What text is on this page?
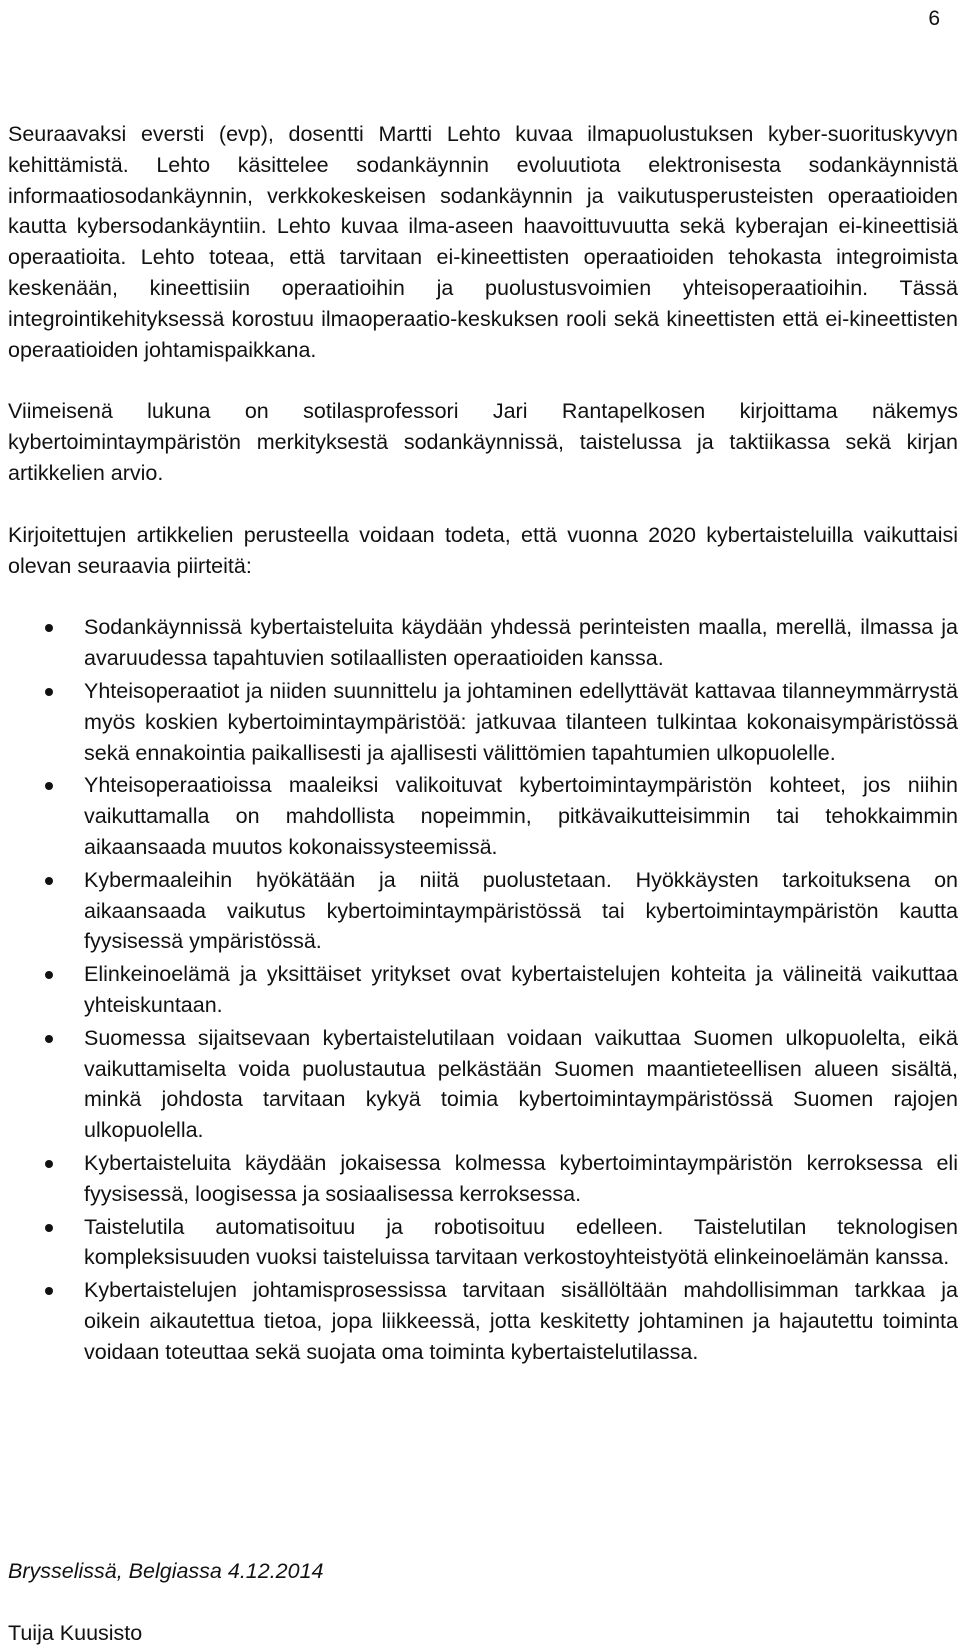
6

Seuraavaksi eversti (evp), dosentti Martti Lehto kuvaa ilmapuolustuksen kyber-suorituskyvyn kehittämistä. Lehto käsittelee sodankäynnin evoluutiota elektronisesta sodankäynnistä informaatiosodankäynnin, verkkokeskeisen sodankäynnin ja vaikutusperusteisten operaatioiden kautta kybersodankäyntiin. Lehto kuvaa ilma-aseen haavoittuvuutta sekä kyberajan ei-kineettisiä operaatioita. Lehto toteaa, että tarvitaan ei-kineettisten operaatioiden tehokasta integroimista keskenään, kineettisiin operaatioihin ja puolustusvoimien yhteisoperaatioihin. Tässä integrointikehityksessä korostuu ilmaoperaatio-keskuksen rooli sekä kineettisten että ei-kineettisten operaatioiden johtamispaikkana.

Viimeisenä lukuna on sotilasprofessori Jari Rantapelkosen kirjoittama näkemys kybertoimintaympäristön merkityksestä sodankäynnissä, taistelussa ja taktiikassa sekä kirjan artikkelien arvio.

Kirjoitettujen artikkelien perusteella voidaan todeta, että vuonna 2020 kybertaisteluilla vaikuttaisi olevan seuraavia piirteitä:

Sodankäynnissä kybertaisteluita käydään yhdessä perinteisten maalla, merellä, ilmassa ja avaruudessa tapahtuvien sotilaallisten operaatioiden kanssa.
Yhteisoperaatiot ja niiden suunnittelu ja johtaminen edellyttävät kattavaa tilanneymmärrystä myös koskien kybertoimintaympäristöä: jatkuvaa tilanteen tulkintaa kokonaisympäristössä sekä ennakointia paikallisesti ja ajallisesti välittömien tapahtumien ulkopuolelle.
Yhteisoperaatioissa maaleiksi valikoituvat kybertoimintaympäristön kohteet, jos niihin vaikuttamalla on mahdollista nopeimmin, pitkävaikutteisimmin tai tehokkaimmin aikaansaada muutos kokonaissysteemissä.
Kybermaaleihin hyökätään ja niitä puolustetaan. Hyökkäysten tarkoituksena on aikaansaada vaikutus kybertoimintaympäristössä tai kybertoimintaympäristön kautta fyysisessä ympäristössä.
Elinkeinoelämä ja yksittäiset yritykset ovat kybertaistelujen kohteita ja välineitä vaikuttaa yhteiskuntaan.
Suomessa sijaitsevaan kybertaistelutilaan voidaan vaikuttaa Suomen ulkopuolelta, eikä vaikuttamiselta voida puolustautua pelkästään Suomen maantieteellisen alueen sisältä, minkä johdosta tarvitaan kykyä toimia kybertoimintaympäristössä Suomen rajojen ulkopuolella.
Kybertaisteluita käydään jokaisessa kolmessa kybertoimintaympäristön kerroksessa eli fyysisessä, loogisessa ja sosiaalisessa kerroksessa.
Taistelutila automatisoituu ja robotisoituu edelleen. Taistelutilan teknologisen kompleksisuuden vuoksi taisteluissa tarvitaan verkostoyhteistyötä elinkeinoelämän kanssa.
Kybertaistelujen johtamisprosessissa tarvitaan sisällöltään mahdollisimman tarkkaa ja oikein aikautettua tietoa, jopa liikkeessä, jotta keskitetty johtaminen ja hajautettu toiminta voidaan toteuttaa sekä suojata oma toiminta kybertaistelutilassa.
Brysselissä, Belgiassa 4.12.2014
Tuija Kuusisto
